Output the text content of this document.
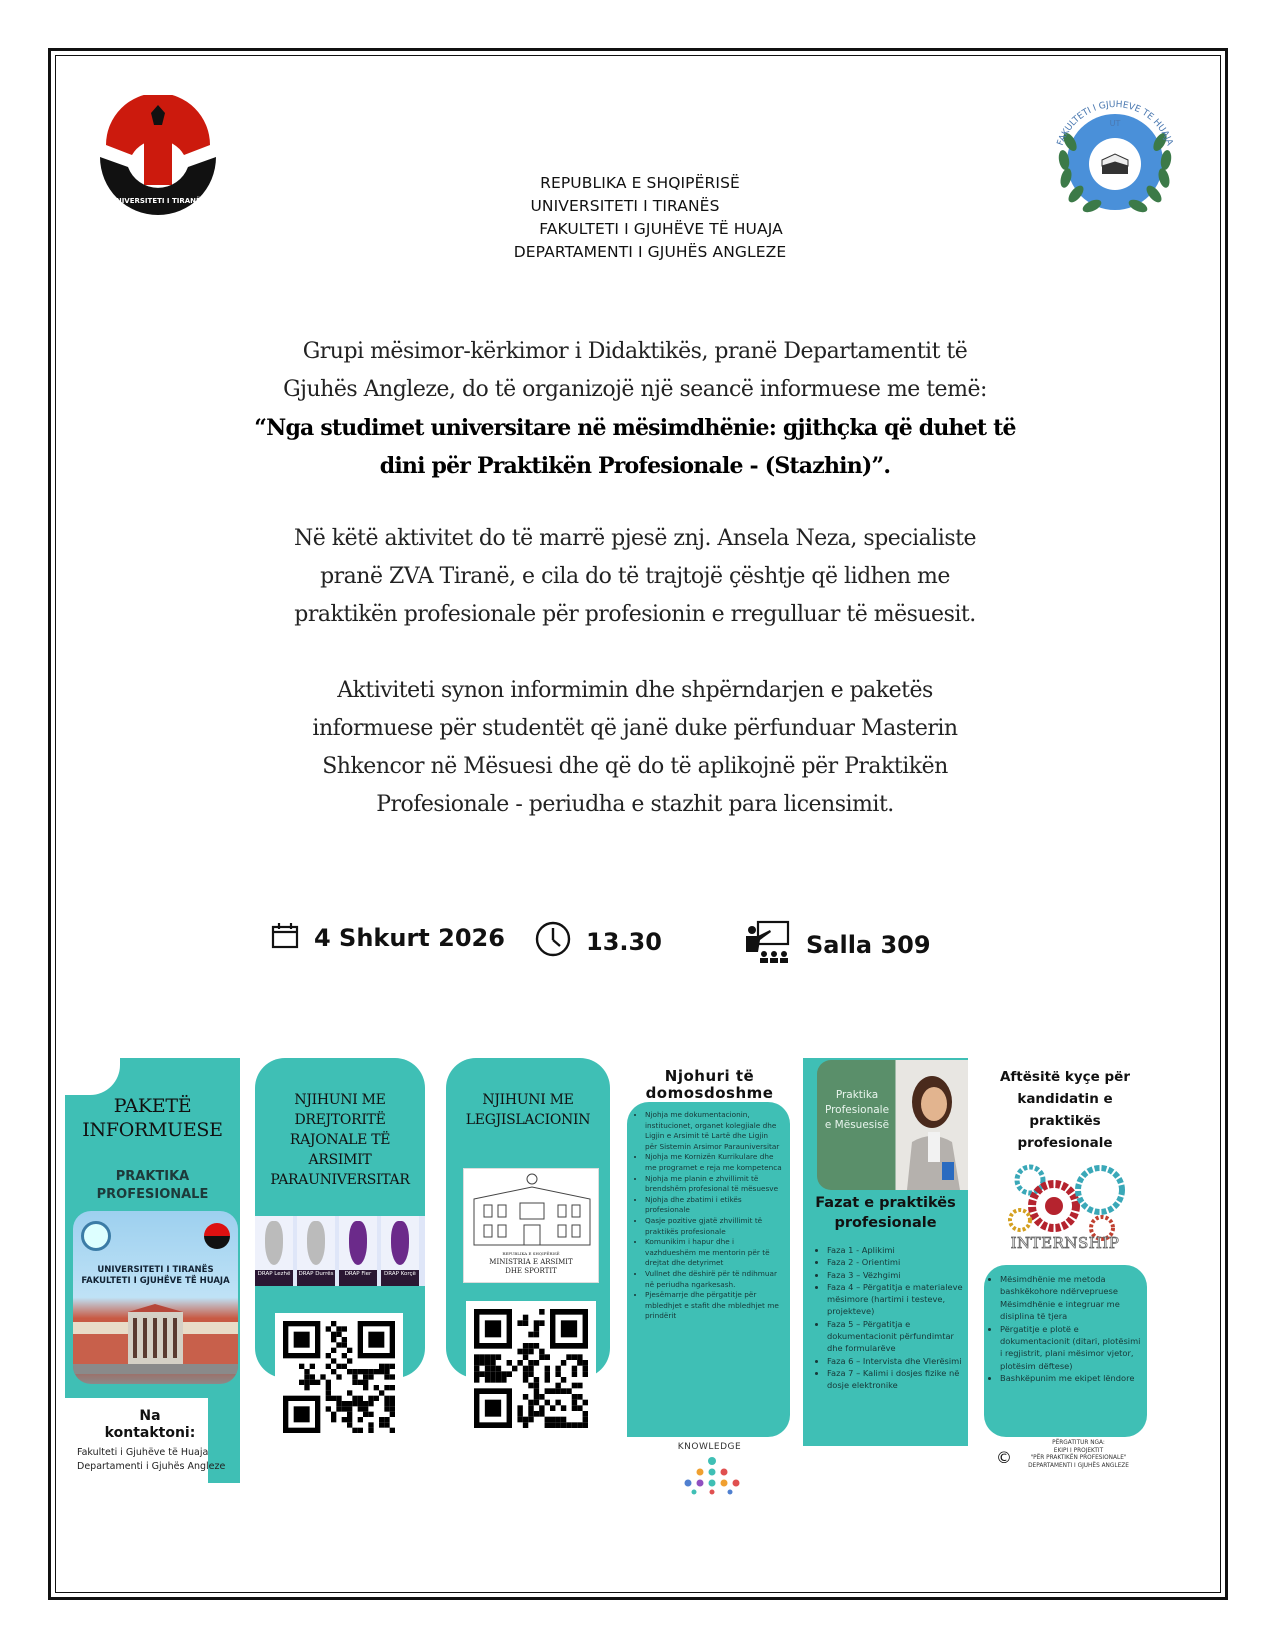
UNIVERSITETI I TIRANËS
UT
FAKULTETI I GJUHEVE TE HUAJA
REPUBLIKA E SHQIPËRISË
UNIVERSITETI I TIRANËS
FAKULTETI I GJUHËVE TË HUAJA
DEPARTAMENTI I GJUHËS ANGLEZE
Grupi mësimor-kërkimor i Didaktikës, pranë Departamentit të
Gjuhës Angleze, do të organizojë një seancë informuese me temë:
“Nga studimet universitare në mësimdhënie: gjithçka që duhet të
dini për Praktikën Profesionale - (Stazhin)”.
Në këtë aktivitet do të marrë pjesë znj. Ansela Neza, specialiste
pranë ZVA Tiranë, e cila do të trajtojë çështje që lidhen me
praktikën profesionale për profesionin e rregulluar të mësuesit.
Aktiviteti synon informimin dhe shpërndarjen e paketës
informuese për studentët që janë duke përfunduar Masterin
Shkencor në Mësuesi dhe që do të aplikojnë për Praktikën
Profesionale - periudha e stazhit para licensimit.
4 Shkurt 2026	13.30	Salla 309
PAKETË
INFORMUESE
PRAKTIKA
PROFESIONALE
UNIVERSITETI I TIRANËS
FAKULTETI I GJUHËVE TË HUAJA
Na
kontaktoni:
Fakulteti i Gjuhëve të Huaja
Departamenti i Gjuhës Angleze
NJIHUNI ME
DREJTORITË
RAJONALE TË
ARSIMIT
PARAUNIVERSITAR
DRAP Lezhë	DRAP Durrës	DRAP Fier	DRAP Korçë
NJIHUNI ME
LEGJISLACIONIN
REPUBLIKA E SHQIPËRISË
MINISTRIA E ARSIMIT
DHE SPORTIT
Njohuri të
domosdoshme
• Njohja me dokumentacionin, institucionet, organet kolegjiale dhe Ligjin e Arsimit të Lartë dhe Ligjin për Sistemin Arsimor Parauniversitar
• Njohja me Kornizën Kurrikulare dhe me programet e reja me kompetenca
• Njohja me planin e zhvillimit të brendshëm profesional të mësuesve
• Njohja dhe zbatimi i etikës profesionale
• Qasje pozitive gjatë zhvillimit të praktikës profesionale
• Komunikim i hapur dhe i vazhdueshëm me mentorin për të drejtat dhe detyrimet
• Vullnet dhe dëshirë për të ndihmuar në periudha ngarkesash.
• Pjesëmarrje dhe përgatitje për mbledhjet e stafit dhe mbledhjet me prindërit
KNOWLEDGE
Praktika
Profesionale
e Mësuesisë
Fazat e praktikës
profesionale
• Faza 1 - Aplikimi
• Faza 2 - Orientimi
• Faza 3 – Vëzhgimi
• Faza 4 – Përgatitja e materialeve mësimore (hartimi i testeve, projekteve)
• Faza 5 – Përgatitja e dokumentacionit përfundimtar dhe formularëve
• Faza 6 – Intervista dhe Vlerësimi
• Faza 7 – Kalimi i dosjes fizike në dosje elektronike
Aftësitë kyçe për
kandidatin e
praktikës
profesionale
INTERNSHIP
• Mësimdhënie me metoda bashkëkohore ndërvepruese Mësimdhënie e integruar me disiplina të tjera
• Përgatitje e plotë e dokumentacionit (ditari, plotësimi i regjistrit, plani mësimor vjetor, plotësim dëftese)
• Bashkëpunim me ekipet lëndore
©
PËRGATITUR NGA:
EKIPI I PROJEKTIT
"PËR PRAKTIKËN PROFESIONALE"
DEPARTAMENTI I GJUHËS ANGLEZE
